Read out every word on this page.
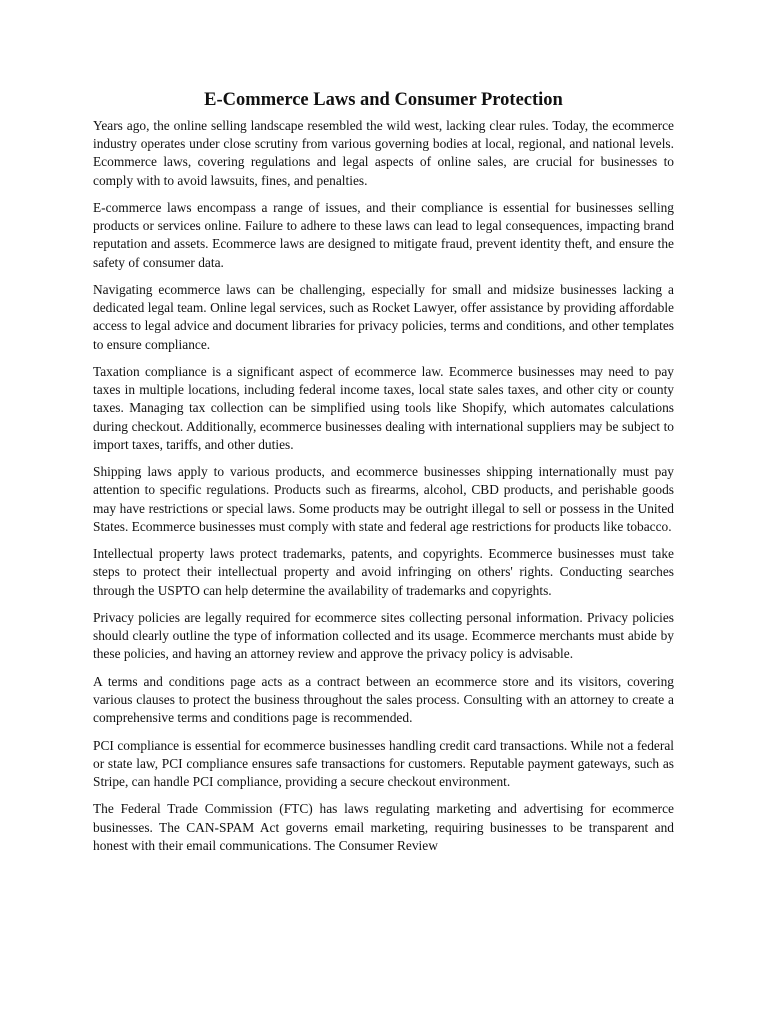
E-Commerce Laws and Consumer Protection

Years ago, the online selling landscape resembled the wild west, lacking clear rules. Today, the ecommerce industry operates under close scrutiny from various governing bodies at local, regional, and national levels. Ecommerce laws, covering regulations and legal aspects of online sales, are crucial for businesses to comply with to avoid lawsuits, fines, and penalties.

E-commerce laws encompass a range of issues, and their compliance is essential for businesses selling products or services online. Failure to adhere to these laws can lead to legal consequences, impacting brand reputation and assets. Ecommerce laws are designed to mitigate fraud, prevent identity theft, and ensure the safety of consumer data.

Navigating ecommerce laws can be challenging, especially for small and midsize businesses lacking a dedicated legal team. Online legal services, such as Rocket Lawyer, offer assistance by providing affordable access to legal advice and document libraries for privacy policies, terms and conditions, and other templates to ensure compliance.

Taxation compliance is a significant aspect of ecommerce law. Ecommerce businesses may need to pay taxes in multiple locations, including federal income taxes, local state sales taxes, and other city or county taxes. Managing tax collection can be simplified using tools like Shopify, which automates calculations during checkout. Additionally, ecommerce businesses dealing with international suppliers may be subject to import taxes, tariffs, and other duties.

Shipping laws apply to various products, and ecommerce businesses shipping internationally must pay attention to specific regulations. Products such as firearms, alcohol, CBD products, and perishable goods may have restrictions or special laws. Some products may be outright illegal to sell or possess in the United States. Ecommerce businesses must comply with state and federal age restrictions for products like tobacco.

Intellectual property laws protect trademarks, patents, and copyrights. Ecommerce businesses must take steps to protect their intellectual property and avoid infringing on others' rights. Conducting searches through the USPTO can help determine the availability of trademarks and copyrights.

Privacy policies are legally required for ecommerce sites collecting personal information. Privacy policies should clearly outline the type of information collected and its usage. Ecommerce merchants must abide by these policies, and having an attorney review and approve the privacy policy is advisable.

A terms and conditions page acts as a contract between an ecommerce store and its visitors, covering various clauses to protect the business throughout the sales process. Consulting with an attorney to create a comprehensive terms and conditions page is recommended.

PCI compliance is essential for ecommerce businesses handling credit card transactions. While not a federal or state law, PCI compliance ensures safe transactions for customers. Reputable payment gateways, such as Stripe, can handle PCI compliance, providing a secure checkout environment.

The Federal Trade Commission (FTC) has laws regulating marketing and advertising for ecommerce businesses. The CAN-SPAM Act governs email marketing, requiring businesses to be transparent and honest with their email communications. The Consumer Review
